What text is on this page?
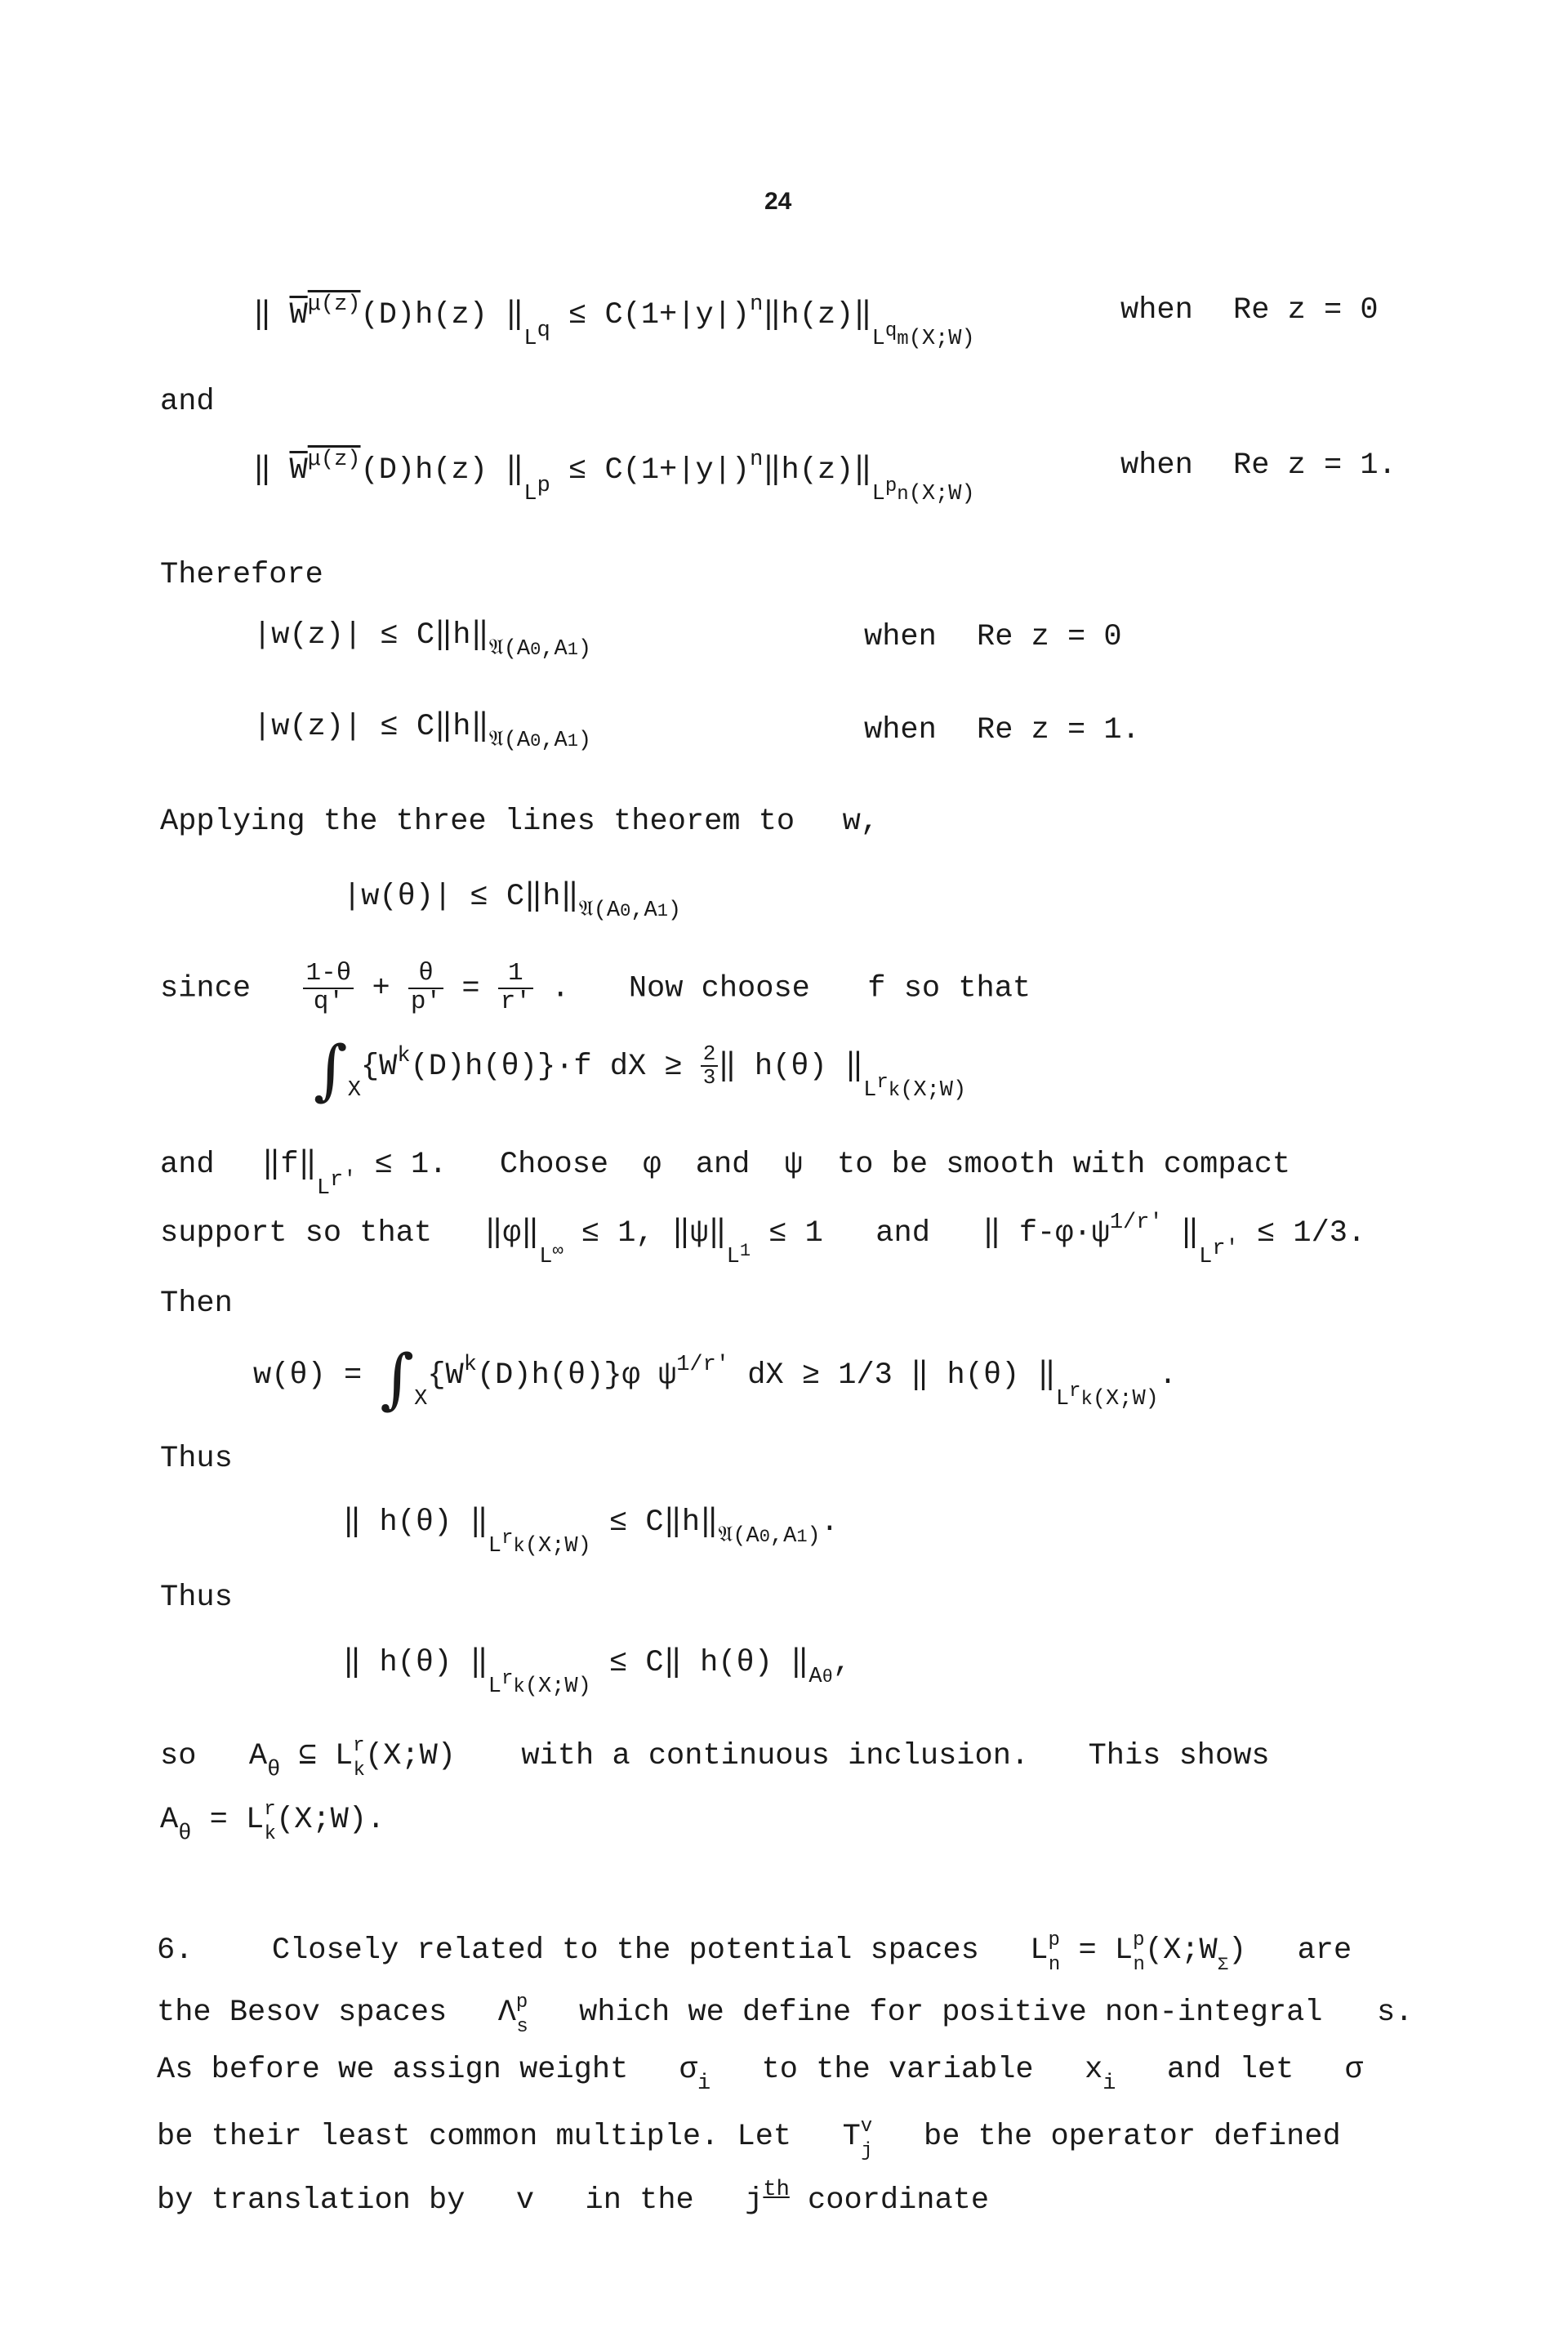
24
‖ $W^{\mu(z)}(D)h(z)$ $‖_{Lq}$ ≤ $C(1+|y|)^n‖h(z)‖_{Lqm(X;W)}$
when Re z = 0
and
‖ $W^{\mu(z)}(D)h(z)$ $‖_{Lp}$ ≤ $C(1+|y|)^n‖h(z)‖_{Lpn(X;W)}$
when Re z = 1.
Therefore
$|w(z)| \le C‖h‖_{𝔄(A0,A1)}$	when Re z = 0
$|w(z)| \le C‖h‖_{𝔄(A0,A1)}$	when Re z = 1.
Applying the three lines theorem to w,
$|w(\theta)| \le C‖h‖_{𝔄(A0,A1)}$
since $\frac{1-\theta}{q'} + \frac{\theta}{p'} = \frac{1}{r'}$ .  Now choose f so that
$\int_X\{W^k(D)h(\theta)\}\cdot f$ dX ≥ $\frac{2}{3}$ ‖ h(θ) $‖_{Lrk(X;W)}$
and  $‖f‖_{Lr'} \le 1$.  Choose φ and ψ to be smooth with compact
support so that  $‖\varphi‖_{L^\infty} \le 1$, $‖\psi‖_{L^1} \le 1$  and  ‖ $f-\varphi\cdot\psi^{1/r'}$ $‖_{Lr'} \le 1/3$.
Then
$w(\theta) = \int_X\{W^k(D)h(\theta)\}\varphi$ $\psi^{1/r'}$ dX ≥ 1/3 ‖ h(θ) $‖_{Lrk(X;W)}$.
Thus
‖ h(θ) $‖_{Lrk(X;W)}$ ≤ $C‖h‖_{𝔄(A0,A1)}$.
Thus
‖ h(θ) $‖_{Lrk(X;W)}$ ≤ C‖ h(θ) $‖_{A\theta}$,
so  $A_\theta$ ⊆ $L^r_k(X;W)$  with a continuous inclusion. This shows
$A_\theta$ = $L^r_k(X;W)$.
6.	Closely related to the potential spaces  $L^p_n$ = $L^p_n(X;W_\Sigma)$  are
the Besov spaces  $\Lambda^p_s$ which we define for positive non-integral s.
As before we assign weight  $\sigma_i$ to the variable  $x_i$ and let  σ
be their least common multiple. Let  $T^v_j$ be the operator defined
by translation by  v  in the  $j^{th}$ coordinate
